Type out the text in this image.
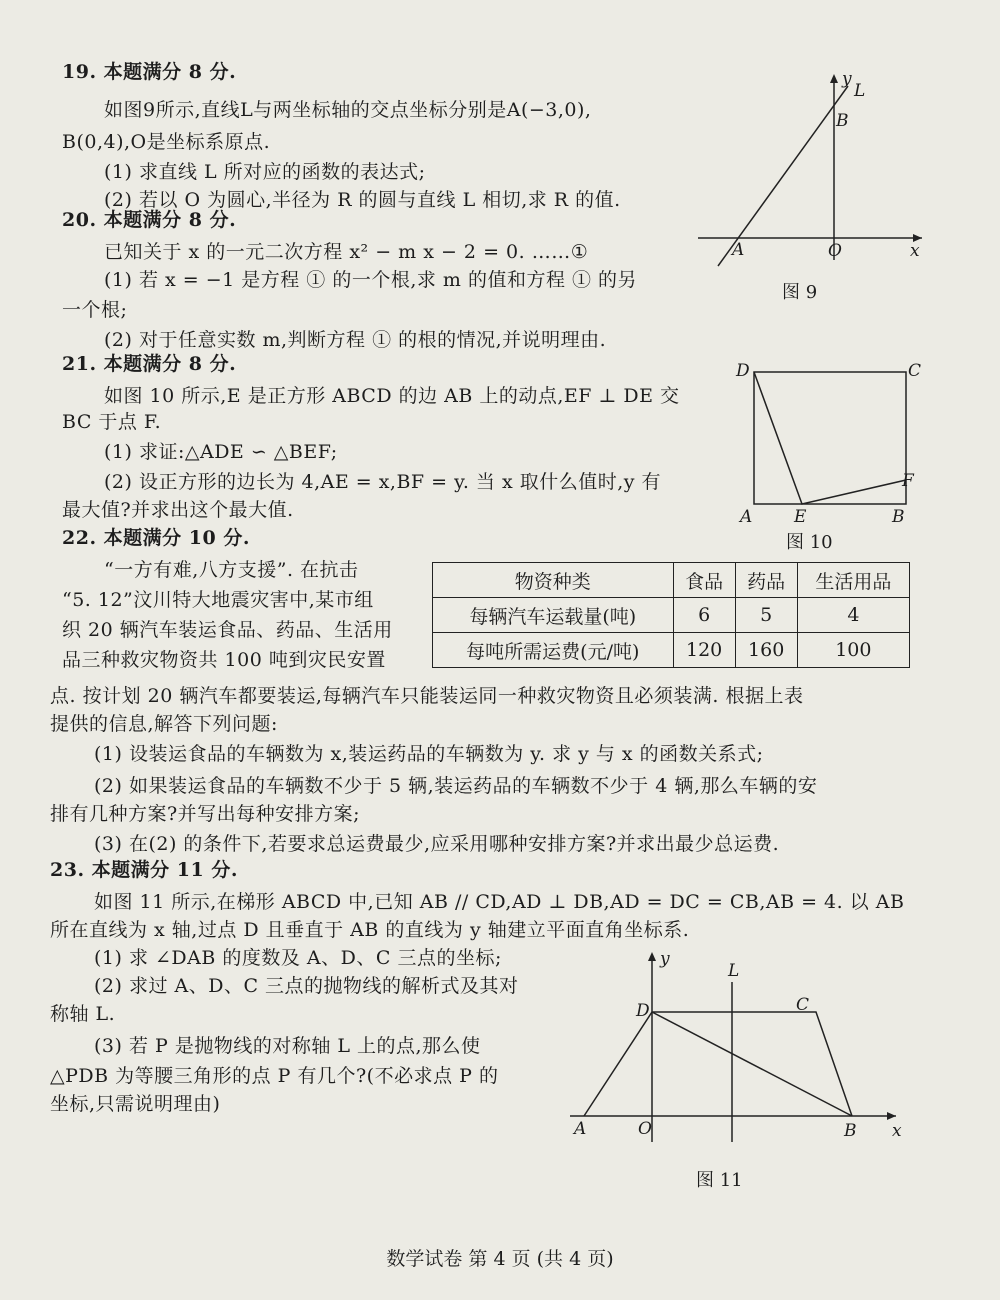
19. 本题满分 8 分.
如图9所示,直线L与两坐标轴的交点坐标分别是A(−3,0),
B(0,4),O是坐标系原点.
(1) 求直线 L 所对应的函数的表达式;
(2) 若以 O 为圆心,半径为 R 的圆与直线 L 相切,求 R 的值.
20. 本题满分 8 分.
已知关于 x 的一元二次方程 x² − m x − 2 = 0. ……①
(1) 若 x = −1 是方程 ① 的一个根,求 m 的值和方程 ① 的另
一个根;
(2) 对于任意实数 m,判断方程 ① 的根的情况,并说明理由.
21. 本题满分 8 分.
如图 10 所示,E 是正方形 ABCD 的边 AB 上的动点,EF ⊥ DE 交
BC 于点 F.
(1) 求证:△ADE ∽ △BEF;
(2) 设正方形的边长为 4,AE = x,BF = y. 当 x 取什么值时,y 有
最大值?并求出这个最大值.
22. 本题满分 10 分.
“一方有难,八方支援”. 在抗击
“5. 12”汶川特大地震灾害中,某市组
织 20 辆汽车装运食品、药品、生活用
品三种救灾物资共 100 吨到灾民安置
点. 按计划 20 辆汽车都要装运,每辆汽车只能装运同一种救灾物资且必须装满. 根据上表
提供的信息,解答下列问题:
(1) 设装运食品的车辆数为 x,装运药品的车辆数为 y. 求 y 与 x 的函数关系式;
(2) 如果装运食品的车辆数不少于 5 辆,装运药品的车辆数不少于 4 辆,那么车辆的安
排有几种方案?并写出每种安排方案;
(3) 在(2) 的条件下,若要求总运费最少,应采用哪种安排方案?并求出最少总运费.
物资种类	食品	药品	生活用品
每辆汽车运载量(吨)	6	5	4
每吨所需运费(元/吨)	120	160	100
23. 本题满分 11 分.
如图 11 所示,在梯形 ABCD 中,已知 AB // CD,AD ⊥ DB,AD = DC = CB,AB = 4. 以 AB
所在直线为 x 轴,过点 D 且垂直于 AB 的直线为 y 轴建立平面直角坐标系.
(1) 求 ∠DAB 的度数及 A、D、C 三点的坐标;
(2) 求过 A、D、C 三点的抛物线的解析式及其对
称轴 L.
(3) 若 P 是抛物线的对称轴 L 上的点,那么使
△PDB 为等腰三角形的点 P 有几个?(不必求点 P 的
坐标,只需说明理由)
y
L
B
A	O	x
图 9
D	C
F
A E	B
图 10
y
L
D	C
A	O	B x
图 11
数学试卷 第 4 页 (共 4 页)
